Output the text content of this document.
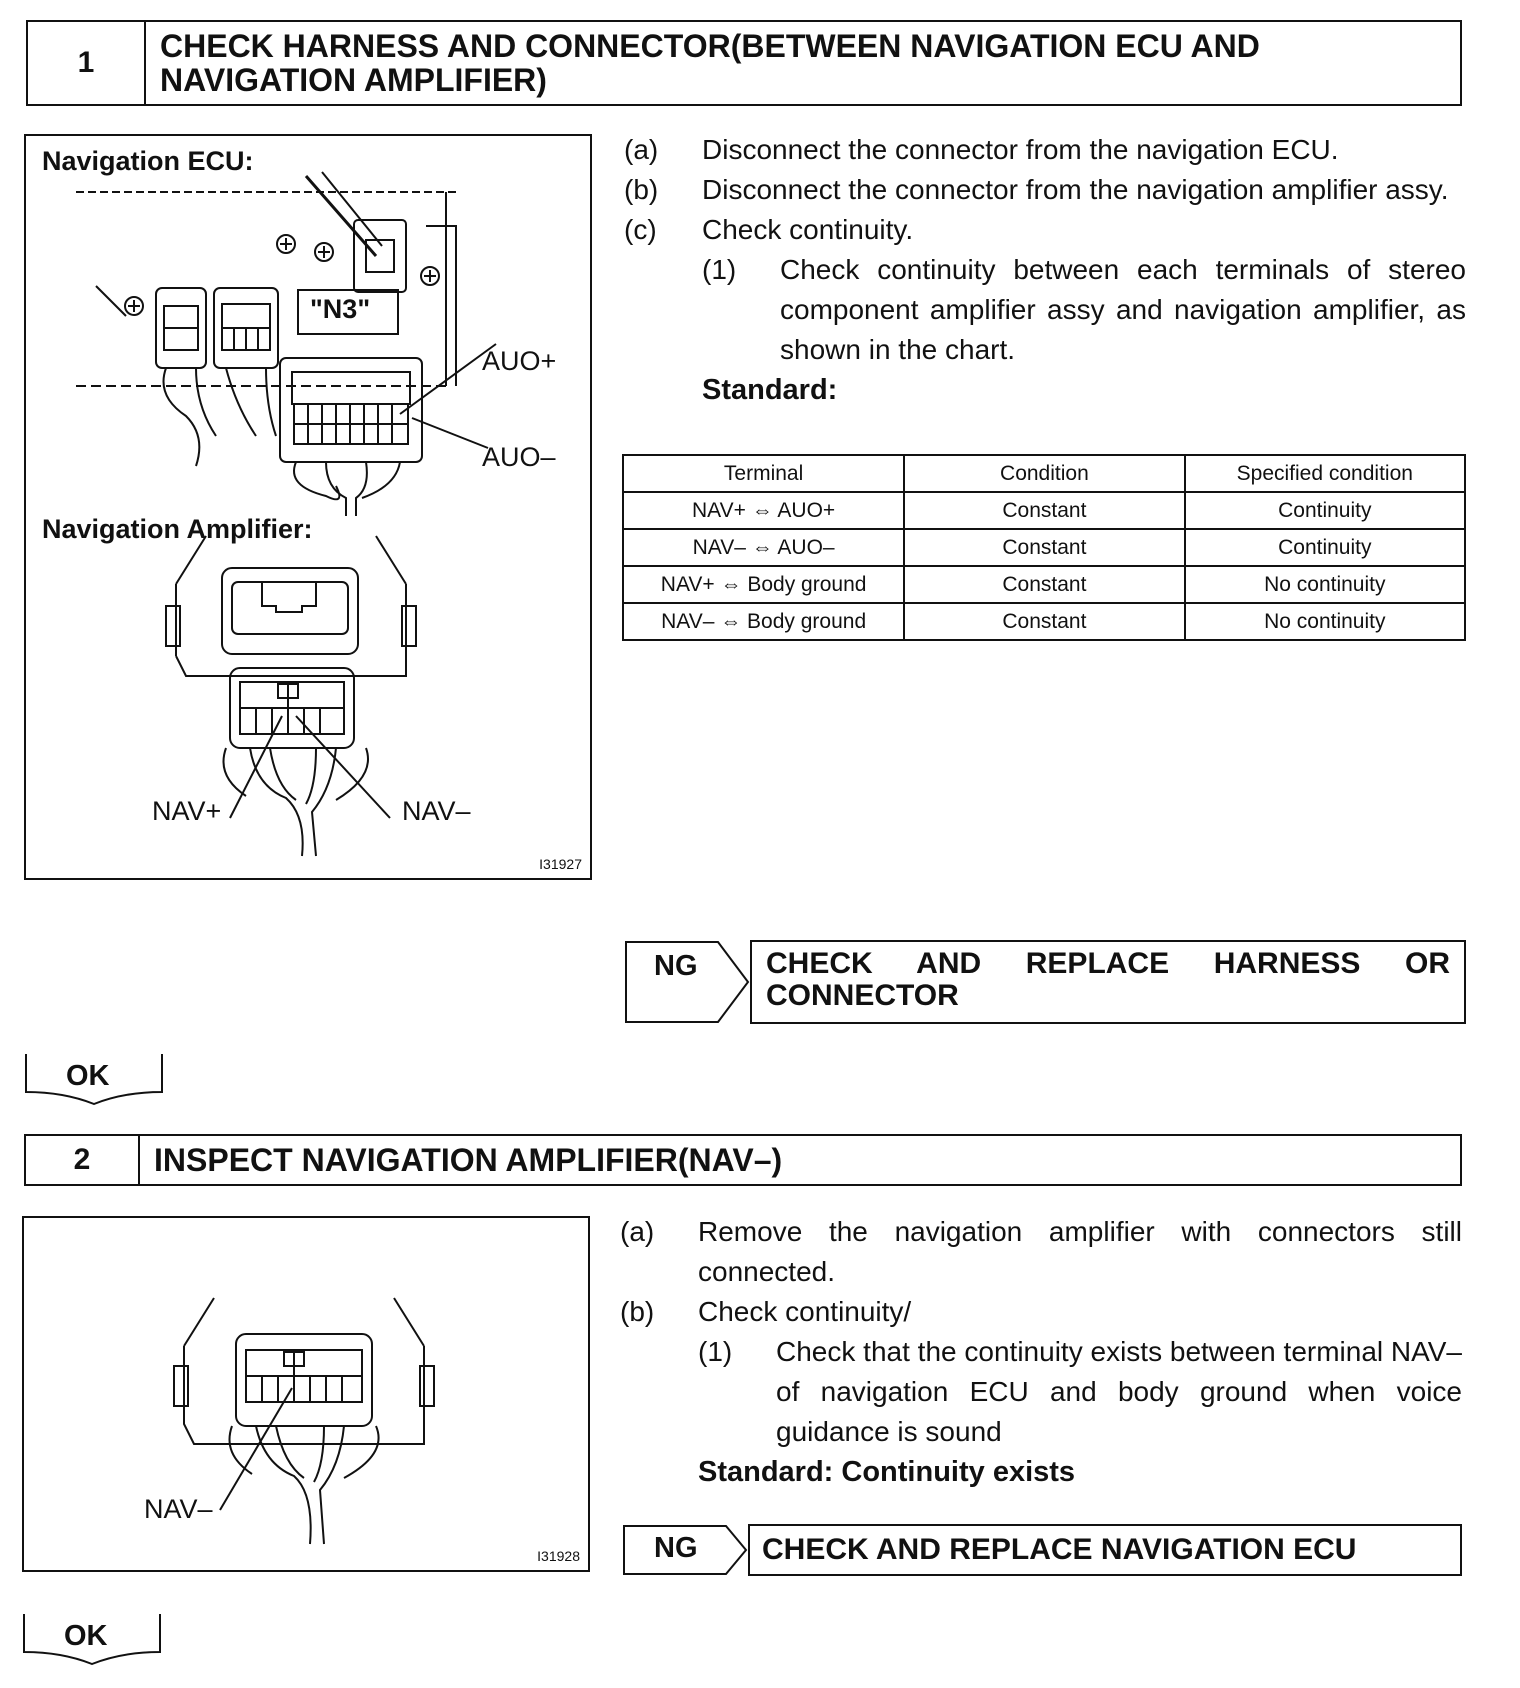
1	CHECK HARNESS AND CONNECTOR(BETWEEN NAVIGATION ECU AND
NAVIGATION AMPLIFIER)
Navigation ECU:
Navigation Amplifier:
"N3"
AUO+
AUO–
NAV+	NAV–
I31927
(a)	Disconnect the connector from the navigation ECU.
(b)	Disconnect the connector from the navigation amplifier assy.
(c)	Check continuity.
(1)	Check continuity between each terminals of stereo component amplifier assy and navigation amplifier, as shown in the chart.
Standard:
Terminal	Condition	Specified condition
NAV+ ⇔ AUO+	Constant	Continuity
NAV– ⇔ AUO–	Constant	Continuity
NAV+ ⇔ Body ground	Constant	No continuity
NAV– ⇔ Body ground	Constant	No continuity
NG CHECK AND REPLACE HARNESS OR
CONNECTOR
OK
2	INSPECT NAVIGATION AMPLIFIER(NAV–)
NAV–
I31928
(a)	Remove the navigation amplifier with connectors still connected.
(b)	Check continuity/
(1)	Check that the continuity exists between terminal NAV– of navigation ECU and body ground when voice guidance is sound
Standard: Continuity exists
NG	CHECK AND REPLACE NAVIGATION ECU
OK
